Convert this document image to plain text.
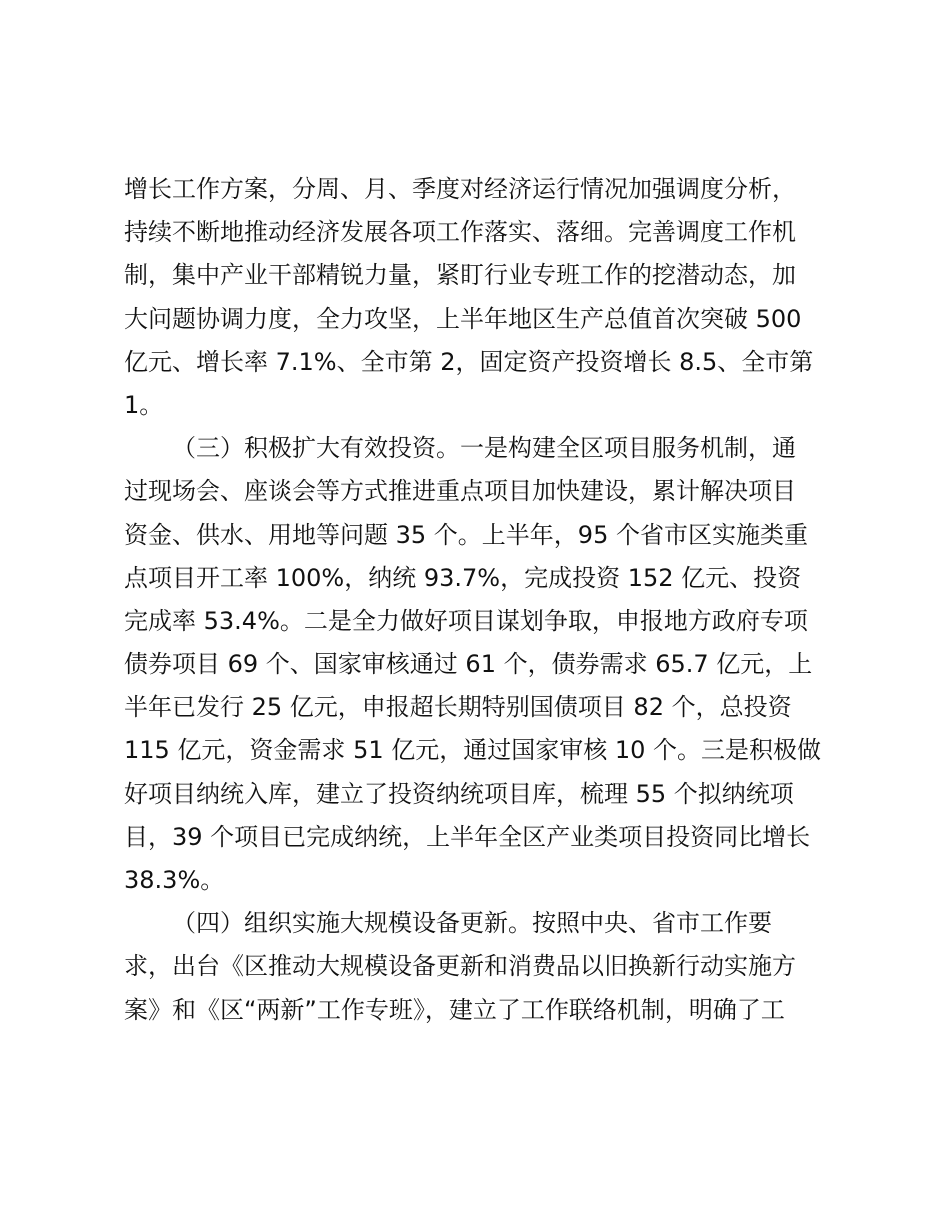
增长工作方案，分周、月、季度对经济运行情况加强调度分析，
持续不断地推动经济发展各项工作落实、落细。完善调度工作机
制，集中产业干部精锐力量，紧盯行业专班工作的挖潜动态，加
大问题协调力度，全力攻坚，上半年地区生产总值首次突破 500
亿元、增长率 7.1%、全市第 2，固定资产投资增长 8.5、全市第
1。
（三）积极扩大有效投资。一是构建全区项目服务机制，通
过现场会、座谈会等方式推进重点项目加快建设，累计解决项目
资金、供水、用地等问题 35 个。上半年，95 个省市区实施类重
点项目开工率 100%，纳统 93.7%，完成投资 152 亿元、投资
完成率 53.4%。二是全力做好项目谋划争取，申报地方政府专项
债券项目 69 个、国家审核通过 61 个，债券需求 65.7 亿元，上
半年已发行 25 亿元，申报超长期特别国债项目 82 个，总投资
115 亿元，资金需求 51 亿元，通过国家审核 10 个。三是积极做
好项目纳统入库，建立了投资纳统项目库，梳理 55 个拟纳统项
目，39 个项目已完成纳统，上半年全区产业类项目投资同比增长
38.3%。
（四）组织实施大规模设备更新。按照中央、省市工作要
求，出台《区推动大规模设备更新和消费品以旧换新行动实施方
案》和《区“两新”工作专班》，建立了工作联络机制，明确了工
